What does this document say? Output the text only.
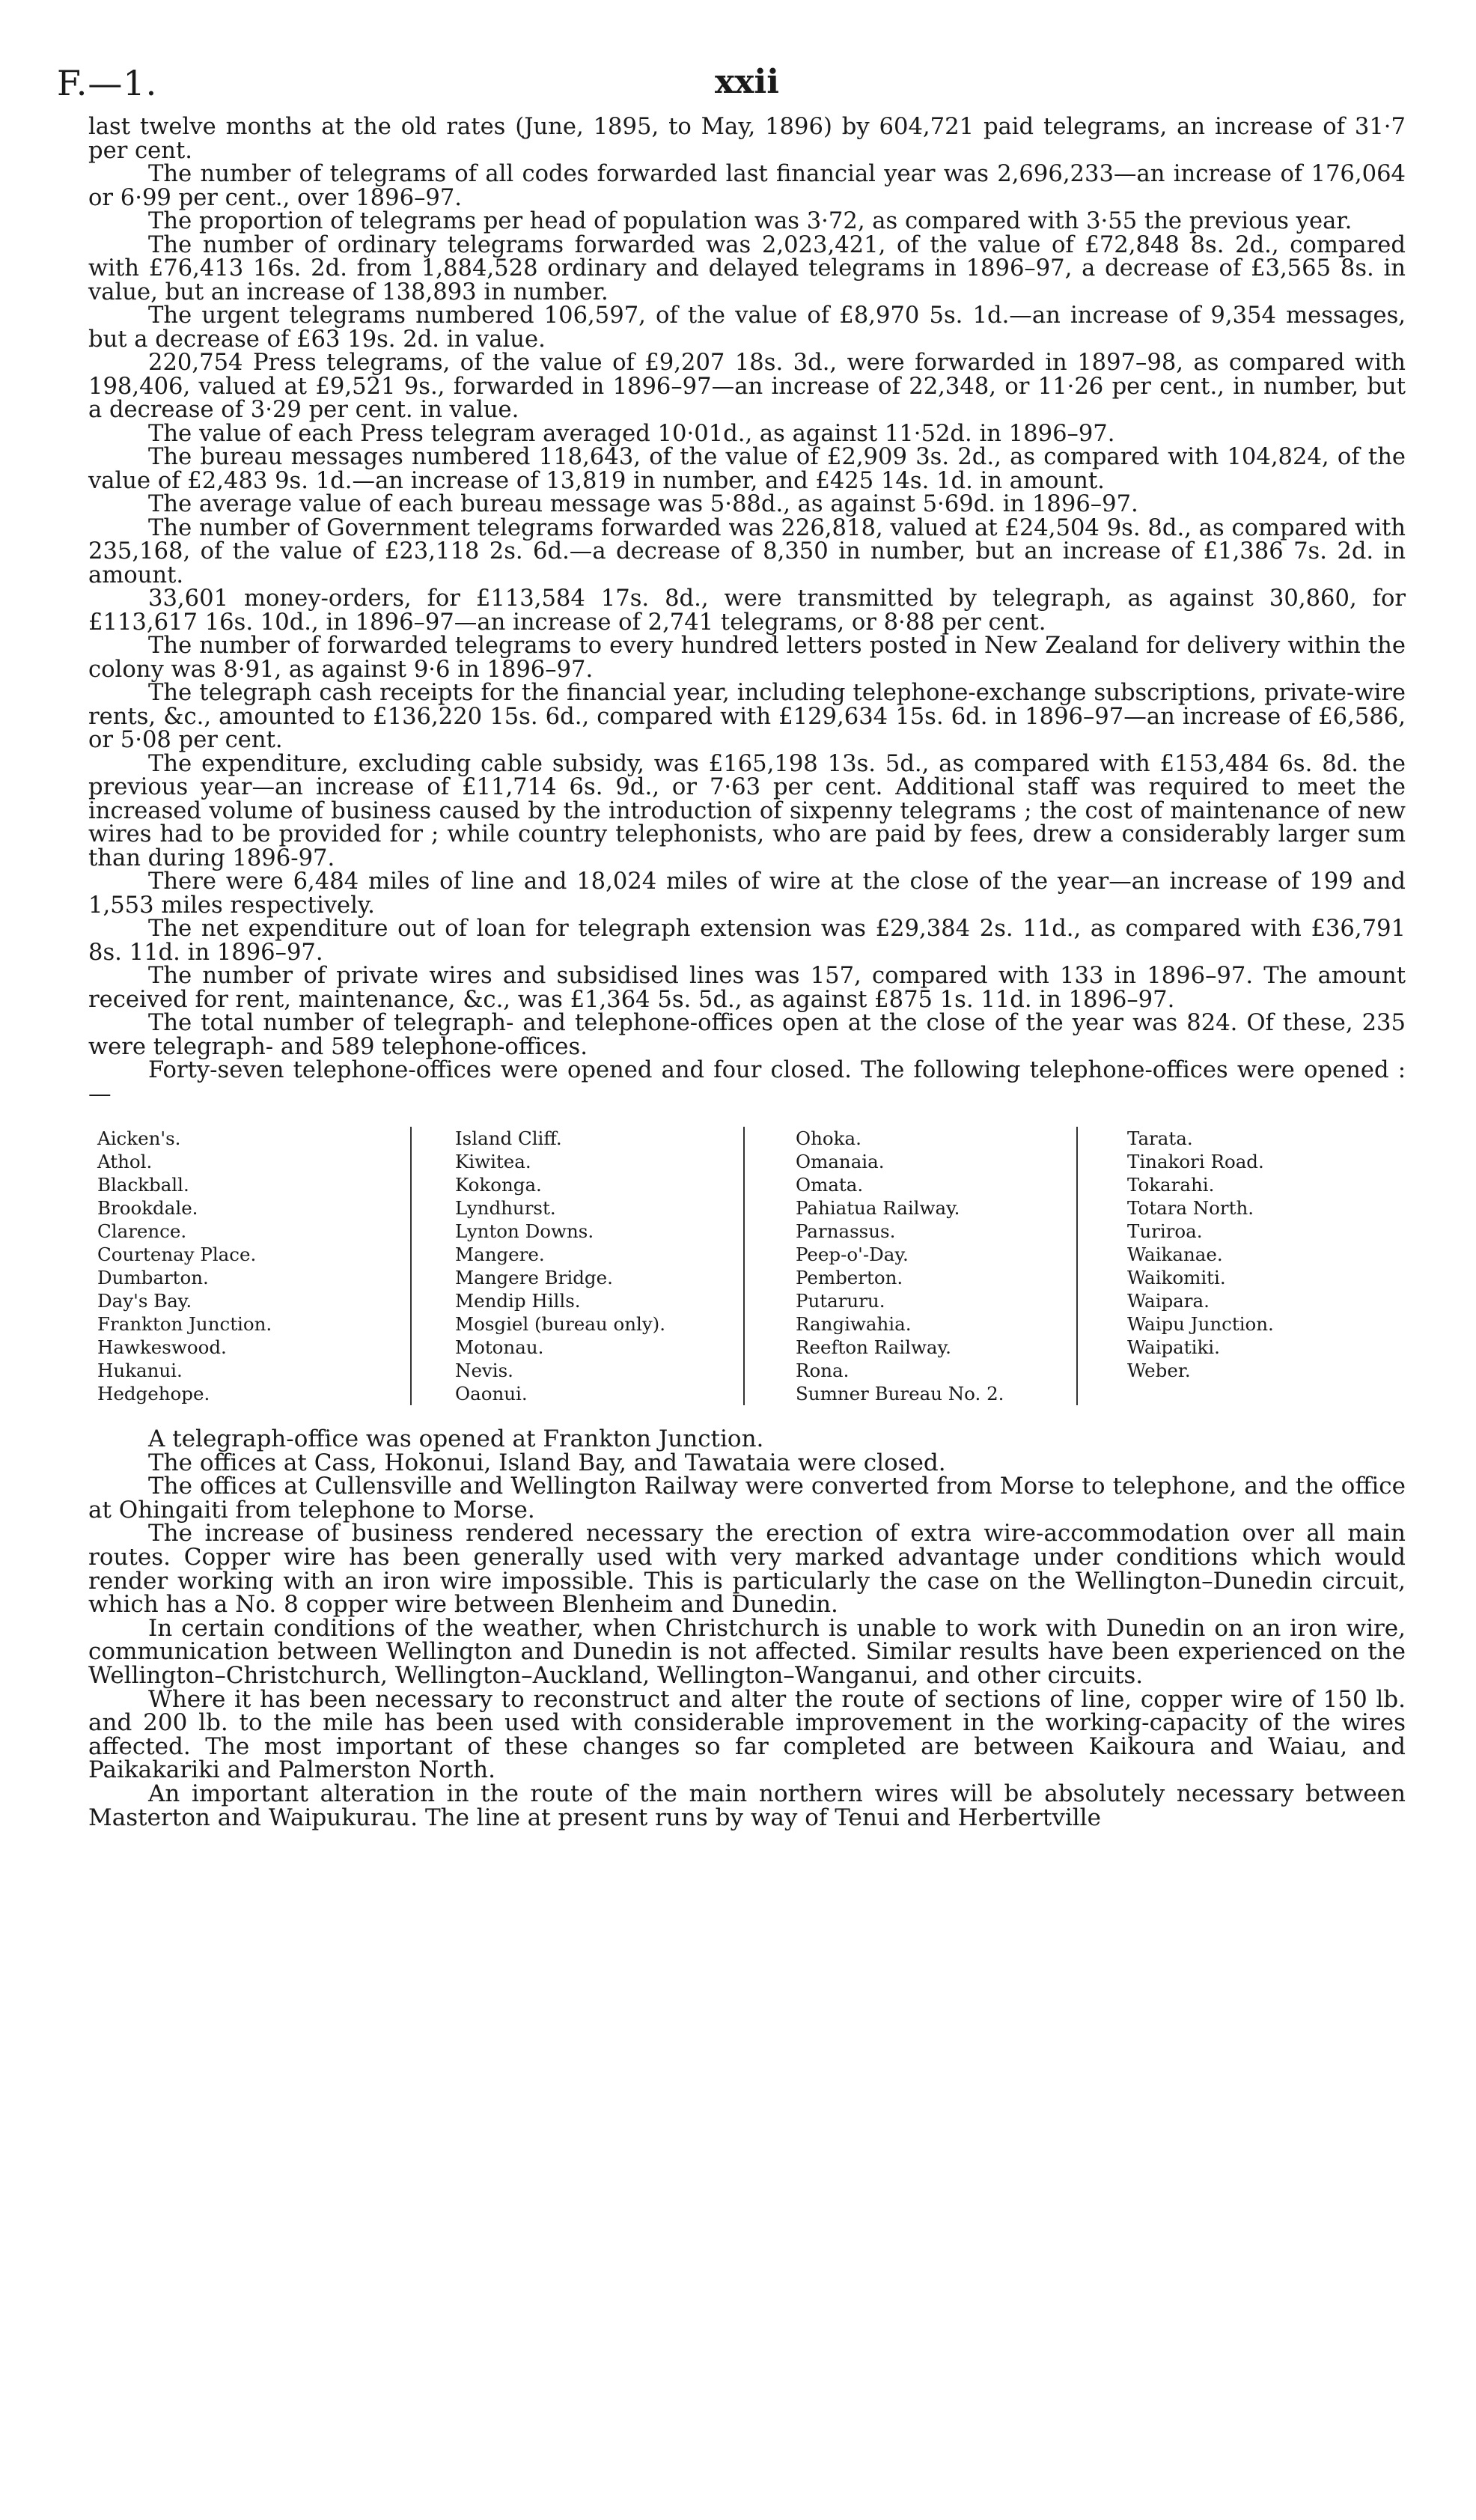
F.—1.	xxii

last twelve months at the old rates (June, 1895, to May, 1896) by 604,721 paid telegrams, an increase of 31·7 per cent.

The number of telegrams of all codes forwarded last financial year was 2,696,233—an increase of 176,064 or 6·99 per cent., over 1896–97.

The proportion of telegrams per head of population was 3·72, as compared with 3·55 the previous year.

The number of ordinary telegrams forwarded was 2,023,421, of the value of £72,848 8s. 2d., compared with £76,413 16s. 2d. from 1,884,528 ordinary and delayed telegrams in 1896–97, a decrease of £3,565 8s. in value, but an increase of 138,893 in number.

The urgent telegrams numbered 106,597, of the value of £8,970 5s. 1d.—an increase of 9,354 messages, but a decrease of £63 19s. 2d. in value.

220,754 Press telegrams, of the value of £9,207 18s. 3d., were forwarded in 1897–98, as compared with 198,406, valued at £9,521 9s., forwarded in 1896–97—an increase of 22,348, or 11·26 per cent., in number, but a decrease of 3·29 per cent. in value.

The value of each Press telegram averaged 10·01d., as against 11·52d. in 1896–97.

The bureau messages numbered 118,643, of the value of £2,909 3s. 2d., as compared with 104,824, of the value of £2,483 9s. 1d.—an increase of 13,819 in number, and £425 14s. 1d. in amount.

The average value of each bureau message was 5·88d., as against 5·69d. in 1896–97.

The number of Government telegrams forwarded was 226,818, valued at £24,504 9s. 8d., as compared with 235,168, of the value of £23,118 2s. 6d.—a decrease of 8,350 in number, but an increase of £1,386 7s. 2d. in amount.

33,601 money-orders, for £113,584 17s. 8d., were transmitted by telegraph, as against 30,860, for £113,617 16s. 10d., in 1896–97—an increase of 2,741 telegrams, or 8·88 per cent.

The number of forwarded telegrams to every hundred letters posted in New Zealand for delivery within the colony was 8·91, as against 9·6 in 1896–97.

The telegraph cash receipts for the financial year, including telephone-exchange subscriptions, private-wire rents, &c., amounted to £136,220 15s. 6d., compared with £129,634 15s. 6d. in 1896–97—an increase of £6,586, or 5·08 per cent.

The expenditure, excluding cable subsidy, was £165,198 13s. 5d., as compared with £153,484 6s. 8d. the previous year—an increase of £11,714 6s. 9d., or 7·63 per cent. Additional staff was required to meet the increased volume of business caused by the introduction of sixpenny telegrams ; the cost of maintenance of new wires had to be provided for ; while country telephonists, who are paid by fees, drew a considerably larger sum than during 1896-97.

There were 6,484 miles of line and 18,024 miles of wire at the close of the year—an increase of 199 and 1,553 miles respectively.

The net expenditure out of loan for telegraph extension was £29,384 2s. 11d., as compared with £36,791 8s. 11d. in 1896–97.

The number of private wires and subsidised lines was 157, compared with 133 in 1896–97. The amount received for rent, maintenance, &c., was £1,364 5s. 5d., as against £875 1s. 11d. in 1896–97.

The total number of telegraph- and telephone-offices open at the close of the year was 824. Of these, 235 were telegraph- and 589 telephone-offices.

Forty-seven telephone-offices were opened and four closed. The following telephone-offices were opened :—

Aicken's.
Athol.
Blackball.
Brookdale.
Clarence.
Courtenay Place.
Dumbarton.
Day's Bay.
Frankton Junction.
Hawkeswood.
Hukanui.
Hedgehope.
Island Cliff.
Kiwitea.
Kokonga.
Lyndhurst.
Lynton Downs.
Mangere.
Mangere Bridge.
Mendip Hills.
Mosgiel (bureau only).
Motonau.
Nevis.
Oaonui.
Ohoka.
Omanaia.
Omata.
Pahiatua Railway.
Parnassus.
Peep-o'-Day.
Pemberton.
Putaruru.
Rangiwahia.
Reefton Railway.
Rona.
Sumner Bureau No. 2.
Tarata.
Tinakori Road.
Tokarahi.
Totara North.
Turiroa.
Waikanae.
Waikomiti.
Waipara.
Waipu Junction.
Waipatiki.
Weber.

A telegraph-office was opened at Frankton Junction.

The offices at Cass, Hokonui, Island Bay, and Tawataia were closed.

The offices at Cullensville and Wellington Railway were converted from Morse to telephone, and the office at Ohingaiti from telephone to Morse.

The increase of business rendered necessary the erection of extra wire-accommodation over all main routes. Copper wire has been generally used with very marked advantage under conditions which would render working with an iron wire impossible. This is particularly the case on the Wellington–Dunedin circuit, which has a No. 8 copper wire between Blenheim and Dunedin.

In certain conditions of the weather, when Christchurch is unable to work with Dunedin on an iron wire, communication between Wellington and Dunedin is not affected. Similar results have been experienced on the Wellington–Christchurch, Wellington–Auckland, Wellington–Wanganui, and other circuits.

Where it has been necessary to reconstruct and alter the route of sections of line, copper wire of 150 lb. and 200 lb. to the mile has been used with considerable improvement in the working-capacity of the wires affected. The most important of these changes so far completed are between Kaikoura and Waiau, and Paikakariki and Palmerston North.

An important alteration in the route of the main northern wires will be absolutely necessary between Masterton and Waipukurau. The line at present runs by way of Tenui and Herbertville
